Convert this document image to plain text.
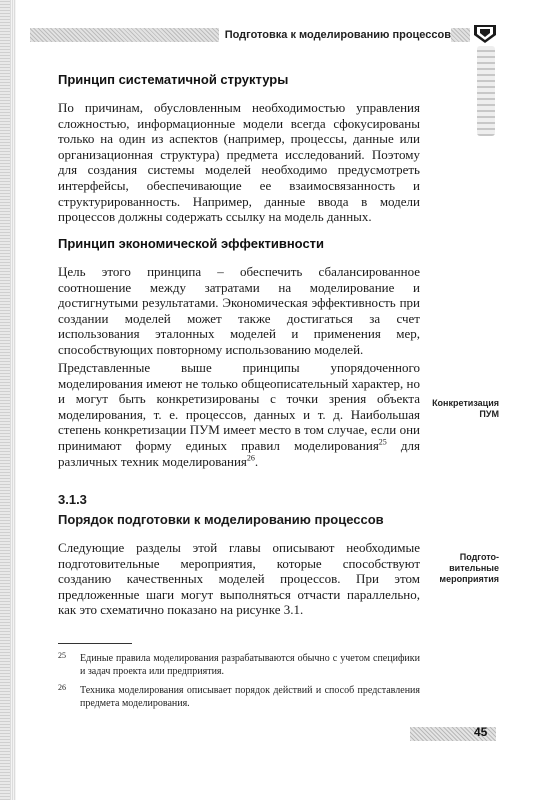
Подготовка к моделированию процессов
Принцип систематичной структуры

По причинам, обусловленным необходимостью управления сложностью, информационные модели всегда сфокусированы только на один из аспектов (например, процессы, данные или организационная структура) предмета исследований. Поэтому для создания системы моделей необходимо предусмотреть интерфейсы, обеспечивающие ее взаимосвязанность и структурированность. Например, данные ввода в модели процессов должны содержать ссылку на модель данных.

Принцип экономической эффективности

Цель этого принципа – обеспечить сбалансированное соотношение между затратами на моделирование и достигнутыми результатами. Экономическая эффективность при создании моделей может также достигаться за счет использования эталонных моделей и применения мер, способствующих повторному использованию моделей.

Представленные выше принципы упорядоченного моделирования имеют не только общеописательный характер, но и могут быть конкретизированы с точки зрения объекта моделирования, т. е. процессов, данных и т. д. Наибольшая степень конкретизации ПУМ имеет место в том случае, если они принимают форму единых правил моделирования$^{25}$ для различных техник моделирования$^{26}$.

Конкретизация
ПУМ
3.1.3
Порядок подготовки к моделированию процессов

Следующие разделы этой главы описывают необходимые подготовительные мероприятия, которые способствуют созданию качественных моделей процессов. При этом предложенные шаги могут выполняться отчасти параллельно, как это схематично показано на рисунке 3.1.

Подгото-
вительные
мероприятия
25	Единые правила моделирования разрабатываются обычно с учетом специфики и задач проекта или предприятия.
26	Техника моделирования описывает порядок действий и способ представления предмета моделирования.
45
